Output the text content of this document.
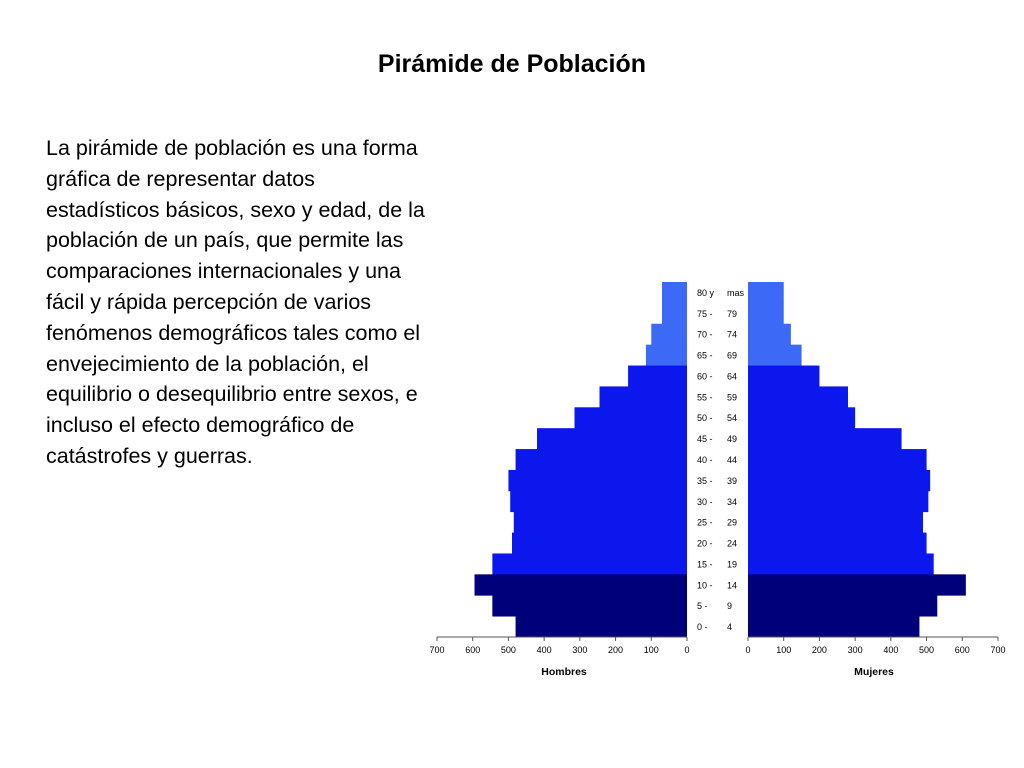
Pirámide de Población
La pirámide de población es una forma
gráfica de representar datos
estadísticos básicos, sexo y edad, de la
población de un país, que permite las
comparaciones internacionales y una
fácil y rápida percepción de varios
fenómenos demográficos tales como el
envejecimiento de la población, el
equilibrio o desequilibrio entre sexos, e
incluso el efecto demográfico de
catástrofes y guerras.
0	0
100	100
200	200
300	300
400	400
500	500
600	600
700	700
80 y mas
75 - 79
70 - 74
65 - 69
60 - 64
55 - 59
50 - 54
45 - 49
40 - 44
35 - 39
30 - 34
25 - 29
20 - 24
15 - 19
10 - 14
5 - 9
0 - 4
Hombres	Mujeres
